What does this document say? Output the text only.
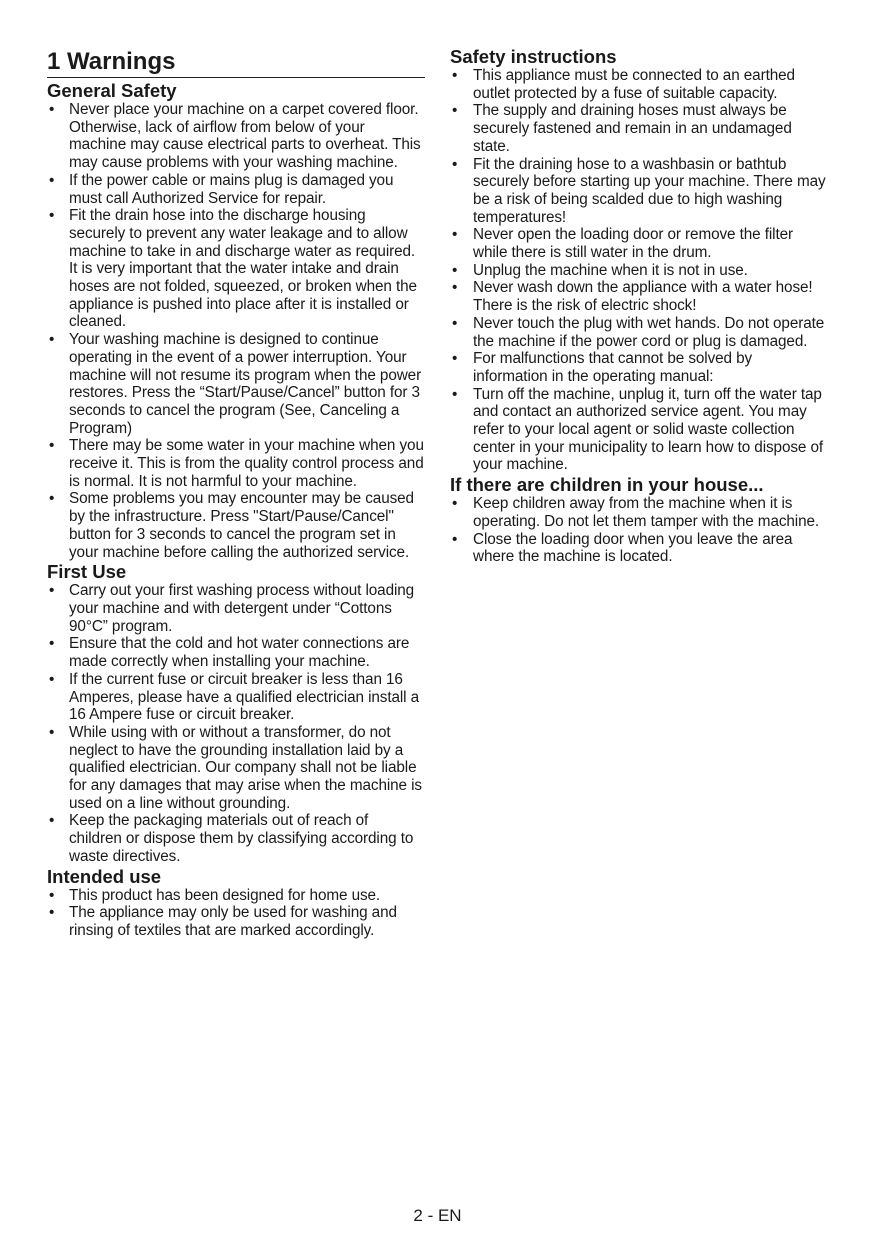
1 Warnings
General Safety
• Never place your machine on a carpet covered floor. Otherwise, lack of airflow from below of your machine may cause electrical parts to overheat. This may cause problems with your washing machine.
• If the power cable or mains plug is damaged you must call Authorized Service for repair.
• Fit the drain hose into the discharge housing securely to prevent any water leakage and to allow machine to take in and discharge water as required. It is very important that the water intake and drain hoses are not folded, squeezed, or broken when the appliance is pushed into place after it is installed or cleaned.
• Your washing machine is designed to continue operating in the event of a power interruption. Your machine will not resume its program when the power restores. Press the “Start/Pause/Cancel” button for 3 seconds to cancel the program (See, Canceling a Program)
• There may be some water in your machine when you receive it. This is from the quality control process and is normal. It is not harmful to your machine.
• Some problems you may encounter may be caused by the infrastructure. Press "Start/Pause/Cancel" button for 3 seconds to cancel the program set in your machine before calling the authorized service.
First Use
• Carry out your first washing process without loading your machine and with detergent under “Cottons 90°C” program.
• Ensure that the cold and hot water connections are made correctly when installing your machine.
• If the current fuse or circuit breaker is less than 16 Amperes, please have a qualified electrician install a 16 Ampere fuse or circuit breaker.
• While using with or without a transformer, do not neglect to have the grounding installation laid by a qualified electrician. Our company shall not be liable for any damages that may arise when the machine is used on a line without grounding.
• Keep the packaging materials out of reach of children or dispose them by classifying according to waste directives.
Intended use
• This product has been designed for home use.
• The appliance may only be used for washing and rinsing of textiles that are marked accordingly.
Safety instructions
• This appliance must be connected to an earthed outlet protected by a fuse of suitable capacity.
• The supply and draining hoses must always be securely fastened and remain in an undamaged state.
• Fit the draining hose to a washbasin or bathtub securely before starting up your machine. There may be a risk of being scalded due to high washing temperatures!
• Never open the loading door or remove the filter while there is still water in the drum.
• Unplug the machine when it is not in use.
• Never wash down the appliance with a water hose! There is the risk of electric shock!
• Never touch the plug with wet hands. Do not operate the machine if the power cord or plug is damaged.
• For malfunctions that cannot be solved by information in the operating manual:
• Turn off the machine, unplug it, turn off the water tap and contact an authorized service agent. You may refer to your local agent or solid waste collection center in your municipality to learn how to dispose of your machine.
If there are children in your house...
• Keep children away from the machine when it is operating. Do not let them tamper with the machine.
• Close the loading door when you leave the area where the machine is located.
2 - EN
